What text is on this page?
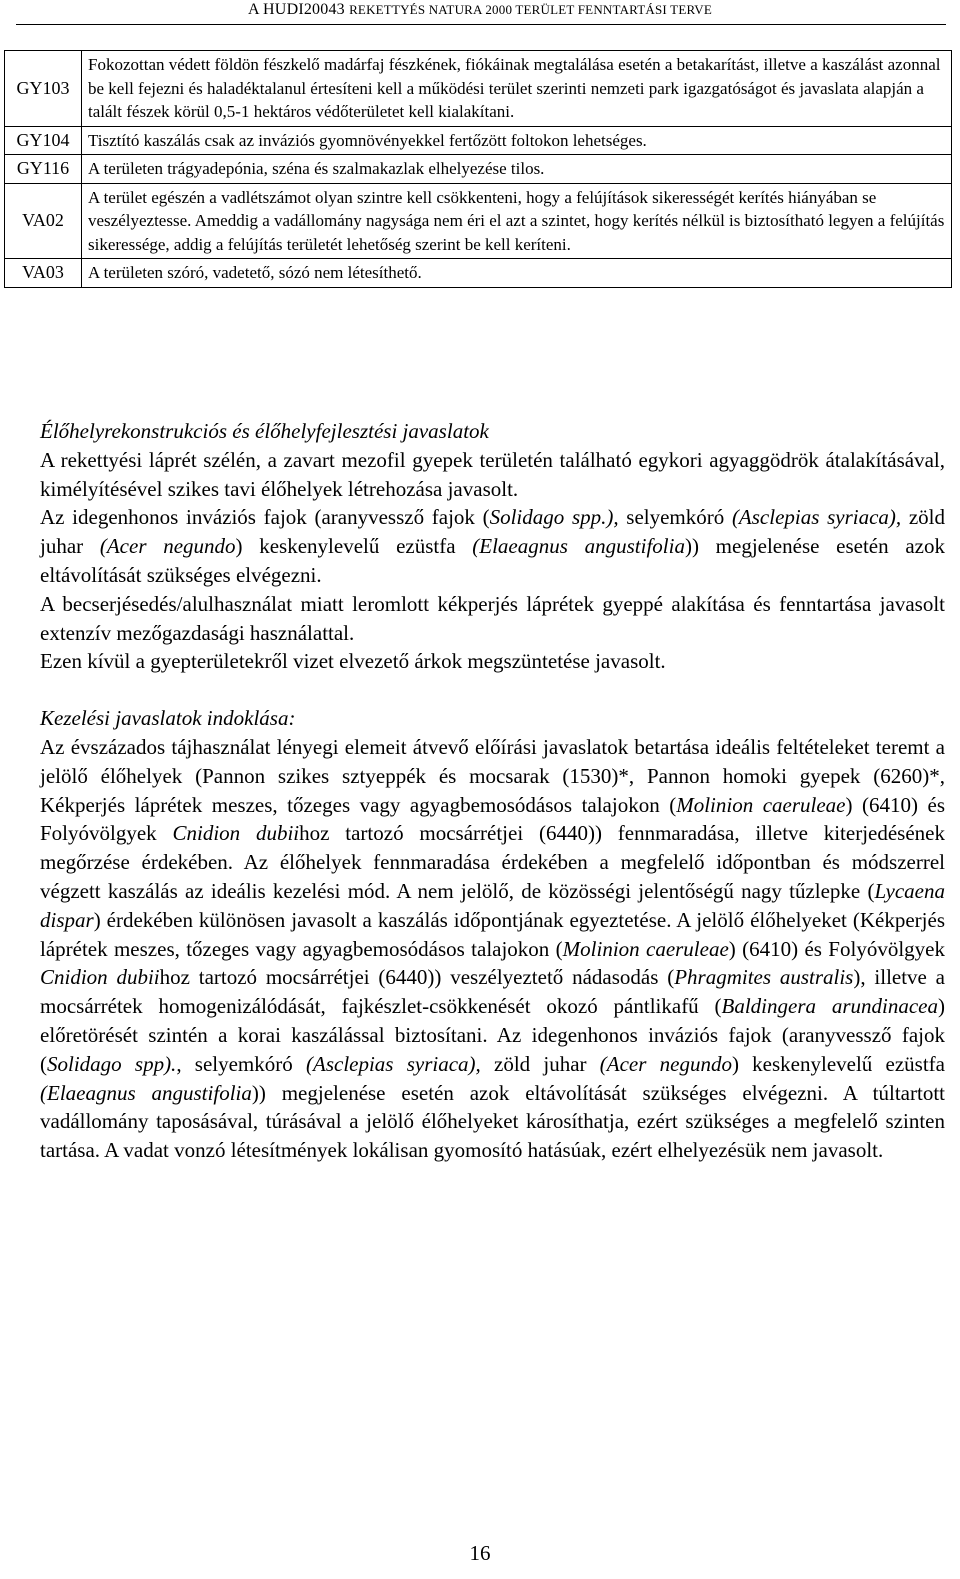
A HUDI20043 REKETTYÉS NATURA 2000 TERÜLET FENNTARTÁSI TERVE
GY103	Fokozottan védett földön fészkelő madárfaj fészkének, fiókáinak megtalálása esetén a betakarítást, illetve a kaszálást azonnal be kell fejezni és haladéktalanul értesíteni kell a működési terület szerinti nemzeti park igazgatóságot és javaslata alapján a talált fészek körül 0,5-1 hektáros védőterületet kell kialakítani.
GY104	Tisztító kaszálás csak az inváziós gyomnövényekkel fertőzött foltokon lehetséges.
GY116	A területen trágyadepónia, széna és szalmakazlak elhelyezése tilos.
VA02	A terület egészén a vadlétszámot olyan szintre kell csökkenteni, hogy a felújítások sikerességét kerítés hiányában se veszélyeztesse. Ameddig a vadállomány nagysága nem éri el azt a szintet, hogy kerítés nélkül is biztosítható legyen a felújítás sikeressége, addig a felújítás területét lehetőség szerint be kell keríteni.
VA03	A területen szóró, vadetető, sózó nem létesíthető.

Élőhelyrekonstrukciós és élőhelyfejlesztési javaslatok

A rekettyési láprét szélén, a zavart mezofil gyepek területén található egykori agyaggödrök átalakításával, kimélyítésével szikes tavi élőhelyek létrehozása javasolt.

Az idegenhonos inváziós fajok (aranyvessző fajok (Solidago spp.), selyemkóró (Asclepias syriaca), zöld juhar (Acer negundo) keskenylevelű ezüstfa (Elaeagnus angustifolia)) megjelenése esetén azok eltávolítását szükséges elvégezni.

A becserjésedés/alulhasználat miatt leromlott kékperjés láprétek gyeppé alakítása és fenntartása javasolt extenzív mezőgazdasági használattal.

Ezen kívül a gyepterületekről vizet elvezető árkok megszüntetése javasolt.

Kezelési javaslatok indoklása:

Az évszázados tájhasználat lényegi elemeit átvevő előírási javaslatok betartása ideális feltételeket teremt a jelölő élőhelyek (Pannon szikes sztyeppék és mocsarak (1530)*, Pannon homoki gyepek (6260)*, Kékperjés láprétek meszes, tőzeges vagy agyagbemosódásos talajokon (Molinion caeruleae) (6410) és Folyóvölgyek Cnidion dubiihoz tartozó mocsárrétjei (6440)) fennmaradása, illetve kiterjedésének megőrzése érdekében. Az élőhelyek fennmaradása érdekében a megfelelő időpontban és módszerrel végzett kaszálás az ideális kezelési mód. A nem jelölő, de közösségi jelentőségű nagy tűzlepke (Lycaena dispar) érdekében különösen javasolt a kaszálás időpontjának egyeztetése. A jelölő élőhelyeket (Kékperjés láprétek meszes, tőzeges vagy agyagbemosódásos talajokon (Molinion caeruleae) (6410) és Folyóvölgyek Cnidion dubiihoz tartozó mocsárrétjei (6440)) veszélyeztető nádasodás (Phragmites australis), illetve a mocsárrétek homogenizálódását, fajkészlet-csökkenését okozó pántlikafű (Baldingera arundinacea) előretörését szintén a korai kaszálással biztosítani. Az idegenhonos inváziós fajok (aranyvessző fajok (Solidago spp)., selyemkóró (Asclepias syriaca), zöld juhar (Acer negundo) keskenylevelű ezüstfa (Elaeagnus angustifolia)) megjelenése esetén azok eltávolítását szükséges elvégezni. A túltartott vadállomány taposásával, túrásával a jelölő élőhelyeket károsíthatja, ezért szükséges a megfelelő szinten tartása. A vadat vonzó létesítmények lokálisan gyomosító hatásúak, ezért elhelyezésük nem javasolt.

16
